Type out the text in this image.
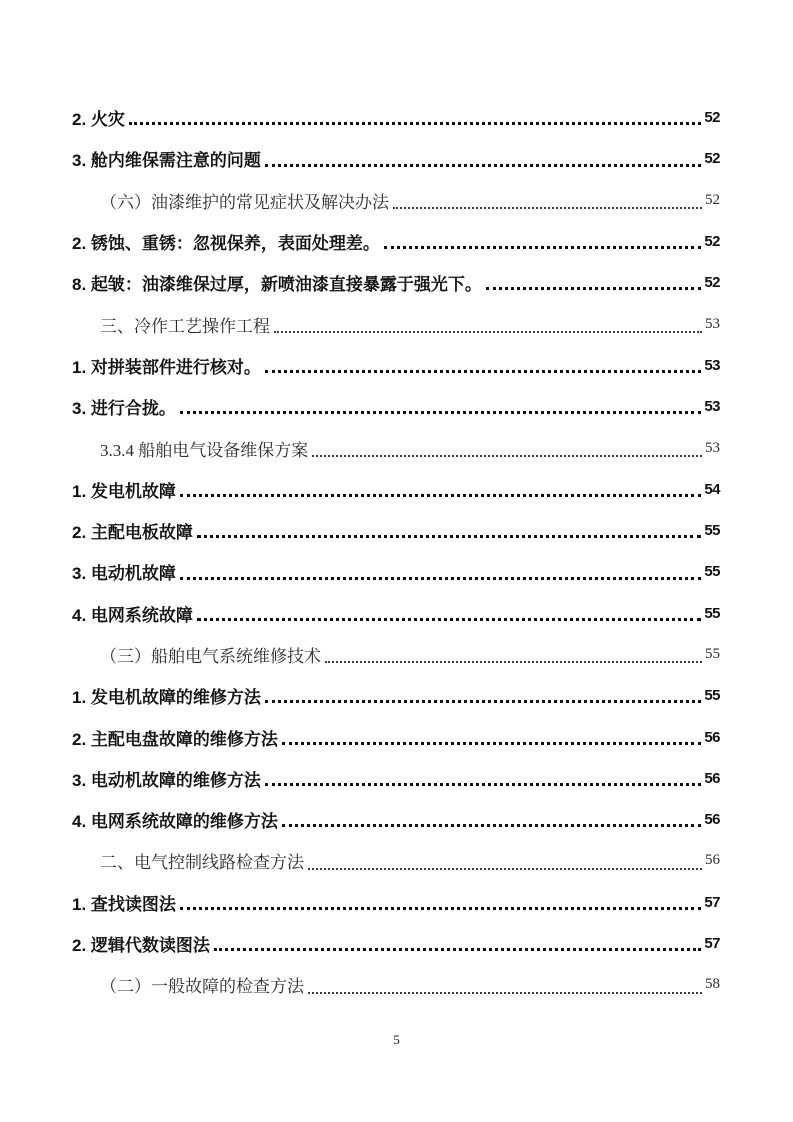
2. 火灾	52
3. 舱内维保需注意的问题	52
（六）油漆维护的常见症状及解决办法	52
2. 锈蚀、重锈：忽视保养，表面处理差。	52
8. 起皱：油漆维保过厚，新喷油漆直接暴露于强光下。	52
三、冷作工艺操作工程	53
1. 对拼装部件进行核对。	53
3. 进行合拢。	53
3.3.4 船舶电气设备维保方案	53
1. 发电机故障	54
2. 主配电板故障	55
3. 电动机故障	55
4. 电网系统故障	55
（三）船舶电气系统维修技术	55
1. 发电机故障的维修方法	55
2. 主配电盘故障的维修方法	56
3. 电动机故障的维修方法	56
4. 电网系统故障的维修方法	56
二、电气控制线路检查方法	56
1. 查找读图法	57
2. 逻辑代数读图法	57
（二）一般故障的检查方法	58
5
